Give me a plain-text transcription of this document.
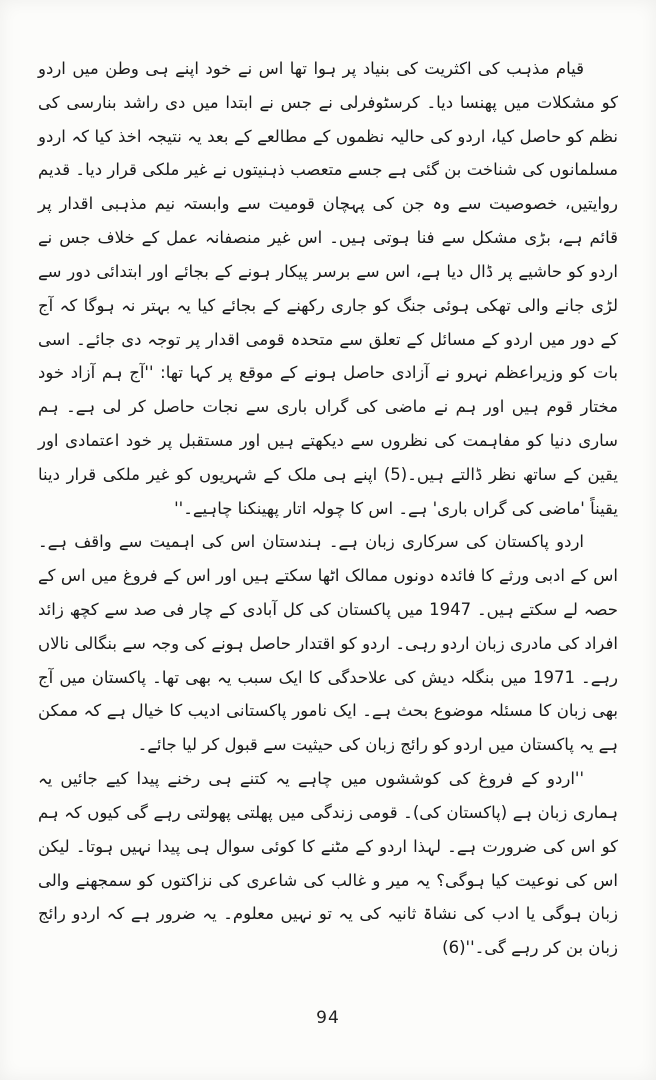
قیام مذہب کی اکثریت کی بنیاد پر ہوا تھا اس نے خود اپنے ہی وطن میں اردو کو مشکلات میں پھنسا دیا۔ کرسٹوفرلی نے جس نے ابتدا میں دی راشد بنارسی کی نظم کو حاصل کیا، اردو کی حالیہ نظموں کے مطالعے کے بعد یہ نتیجہ اخذ کیا کہ اردو مسلمانوں کی شناخت بن گئی ہے جسے متعصب ذہنیتوں نے غیر ملکی قرار دیا۔ قدیم روایتیں، خصوصیت سے وہ جن کی پہچان قومیت سے وابستہ نیم مذہبی اقدار پر قائم ہے، بڑی مشکل سے فنا ہوتی ہیں۔ اس غیر منصفانہ عمل کے خلاف جس نے اردو کو حاشیے پر ڈال دیا ہے، اس سے برسر پیکار ہونے کے بجائے اور ابتدائی دور سے لڑی جانے والی تھکی ہوئی جنگ کو جاری رکھنے کے بجائے کیا یہ بہتر نہ ہوگا کہ آج کے دور میں اردو کے مسائل کے تعلق سے متحدہ قومی اقدار پر توجہ دی جائے۔ اسی بات کو وزیراعظم نہرو نے آزادی حاصل ہونے کے موقع پر کہا تھا: ''آج ہم آزاد خود مختار قوم ہیں اور ہم نے ماضی کی گراں باری سے نجات حاصل کر لی ہے۔ ہم ساری دنیا کو مفاہمت کی نظروں سے دیکھتے ہیں اور مستقبل پر خود اعتمادی اور یقین کے ساتھ نظر ڈالتے ہیں۔(5) اپنے ہی ملک کے شہریوں کو غیر ملکی قرار دینا یقیناً 'ماضی کی گراں باری' ہے۔ اس کا چولہ اتار پھینکنا چاہیے۔''

اردو پاکستان کی سرکاری زبان ہے۔ ہندستان اس کی اہمیت سے واقف ہے۔ اس کے ادبی ورثے کا فائدہ دونوں ممالک اٹھا سکتے ہیں اور اس کے فروغ میں اس کے حصہ لے سکتے ہیں۔ 1947 میں پاکستان کی کل آبادی کے چار فی صد سے کچھ زائد افراد کی مادری زبان اردو رہی۔ اردو کو اقتدار حاصل ہونے کی وجہ سے بنگالی نالاں رہے۔ 1971 میں بنگلہ دیش کی علاحدگی کا ایک سبب یہ بھی تھا۔ پاکستان میں آج بھی زبان کا مسئلہ موضوع بحث ہے۔ ایک نامور پاکستانی ادیب کا خیال ہے کہ ممکن ہے یہ پاکستان میں اردو کو رائج زبان کی حیثیت سے قبول کر لیا جائے۔

''اردو کے فروغ کی کوششوں میں چاہے یہ کتنے ہی رخنے پیدا کیے جائیں یہ ہماری زبان ہے (پاکستان کی)۔ قومی زندگی میں پھلتی پھولتی رہے گی کیوں کہ ہم کو اس کی ضرورت ہے۔ لہذا اردو کے مٹنے کا کوئی سوال ہی پیدا نہیں ہوتا۔ لیکن اس کی نوعیت کیا ہوگی؟ یہ میر و غالب کی شاعری کی نزاکتوں کو سمجھنے والی زبان ہوگی یا ادب کی نشاۃ ثانیہ کی یہ تو نہیں معلوم۔ یہ ضرور ہے کہ اردو رائج زبان بن کر رہے گی۔''(6)

94
